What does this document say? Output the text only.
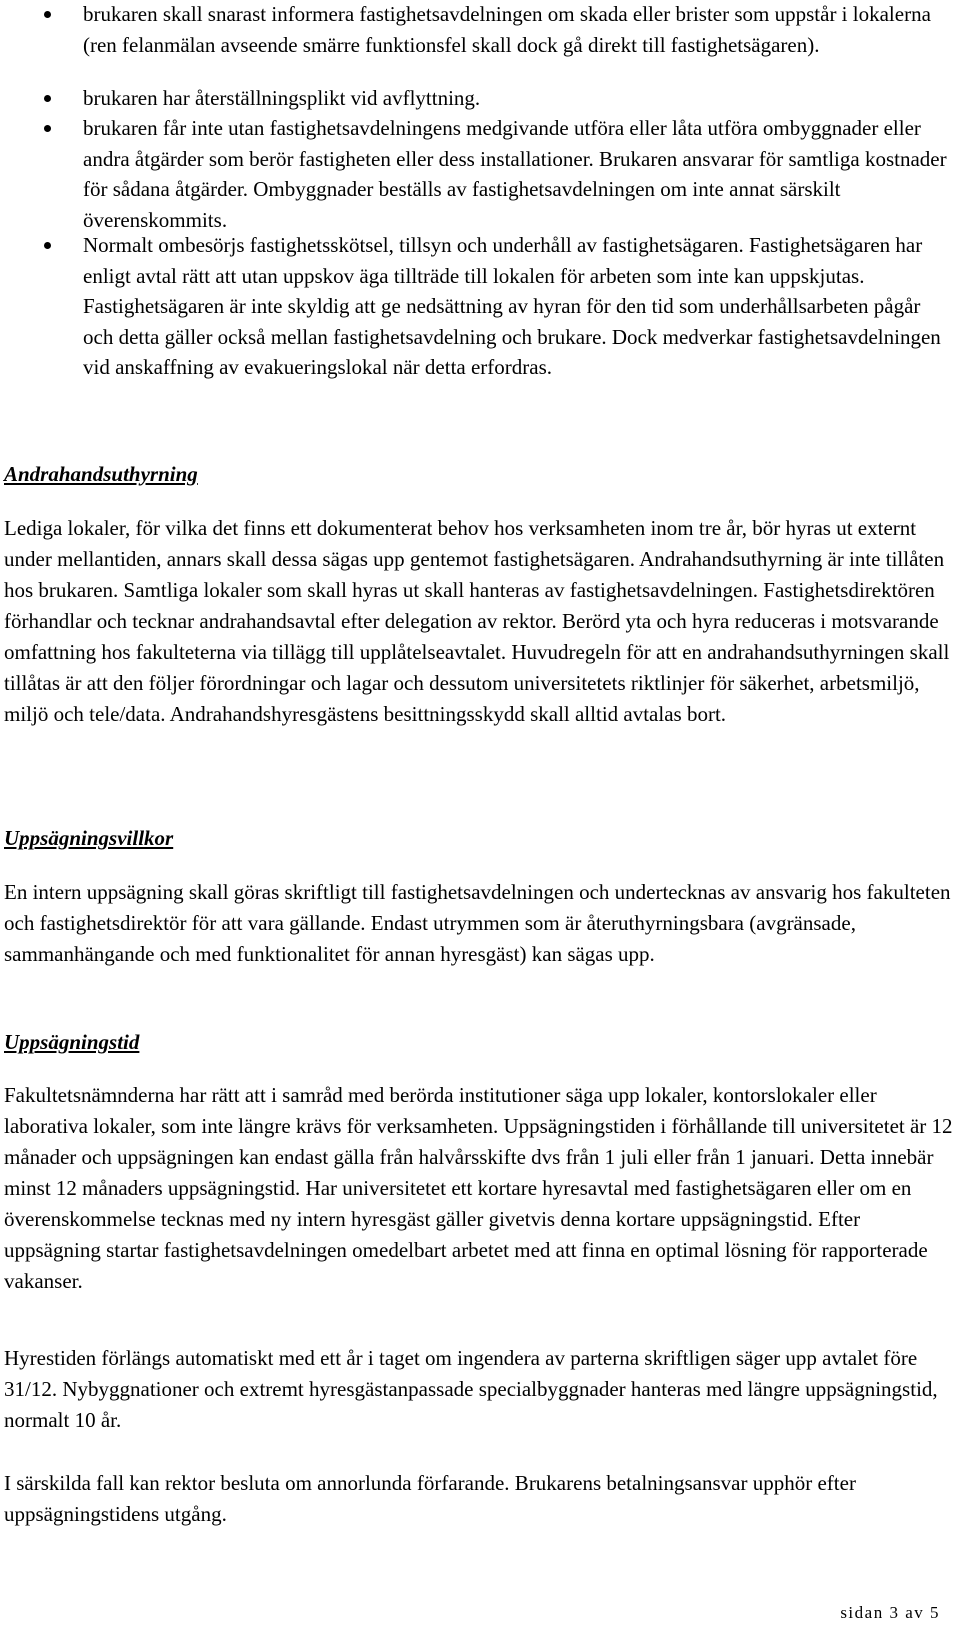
brukaren skall snarast informera fastighetsavdelningen om skada eller brister som uppstår i lokalerna (ren felanmälan avseende smärre funktionsfel skall dock gå direkt till fastighetsägaren).

brukaren har återställningsplikt vid avflyttning.

brukaren får inte utan fastighetsavdelningens medgivande utföra eller låta utföra ombyggnader eller andra åtgärder som berör fastigheten eller dess installationer. Brukaren ansvarar för samtliga kostnader för sådana åtgärder. Ombyggnader beställs av fastighetsavdelningen om inte annat särskilt överenskommits.

Normalt ombesörjs fastighetsskötsel, tillsyn och underhåll av fastighetsägaren. Fastighetsägaren har enligt avtal rätt att utan uppskov äga tillträde till lokalen för arbeten som inte kan uppskjutas. Fastighetsägaren är inte skyldig att ge nedsättning av hyran för den tid som underhållsarbeten pågår och detta gäller också mellan fastighetsavdelning och brukare. Dock medverkar fastighetsavdelningen vid anskaffning av evakueringslokal när detta erfordras.

Andrahandsuthyrning

Lediga lokaler, för vilka det finns ett dokumenterat behov hos verksamheten inom tre år, bör hyras ut externt under mellantiden, annars skall dessa sägas upp gentemot fastighetsägaren. Andrahandsuthyrning är inte tillåten hos brukaren. Samtliga lokaler som skall hyras ut skall hanteras av fastighetsavdelningen. Fastighetsdirektören förhandlar och tecknar andrahandsavtal efter delegation av rektor. Berörd yta och hyra reduceras i motsvarande omfattning hos fakulteterna via tillägg till upplåtelseavtalet. Huvudregeln för att en andrahandsuthyrningen skall tillåtas är att den följer förordningar och lagar och dessutom universitetets riktlinjer för säkerhet, arbetsmiljö, miljö och tele/data. Andrahandshyresgästens besittningsskydd skall alltid avtalas bort.

Uppsägningsvillkor

En intern uppsägning skall göras skriftligt till fastighetsavdelningen och undertecknas av ansvarig hos fakulteten och fastighetsdirektör för att vara gällande. Endast utrymmen som är återuthyrningsbara (avgränsade, sammanhängande och med funktionalitet för annan hyresgäst) kan sägas upp.

Uppsägningstid

Fakultetsnämnderna har rätt att i samråd med berörda institutioner säga upp lokaler, kontorslokaler eller laborativa lokaler, som inte längre krävs för verksamheten. Uppsägningstiden i förhållande till universitetet är 12 månader och uppsägningen kan endast gälla från halvårsskifte dvs från 1 juli eller från 1 januari. Detta innebär minst 12 månaders uppsägningstid. Har universitetet ett kortare hyresavtal med fastighetsägaren eller om en överenskommelse tecknas med ny intern hyresgäst gäller givetvis denna kortare uppsägningstid. Efter uppsägning startar fastighetsavdelningen omedelbart arbetet med att finna en optimal lösning för rapporterade vakanser.

Hyrestiden förlängs automatiskt med ett år i taget om ingendera av parterna skriftligen säger upp avtalet före 31/12. Nybyggnationer och extremt hyresgästanpassade specialbyggnader hanteras med längre uppsägningstid, normalt 10 år.

I särskilda fall kan rektor besluta om annorlunda förfarande. Brukarens betalningsansvar upphör efter uppsägningstidens utgång.

sidan 3 av 5
